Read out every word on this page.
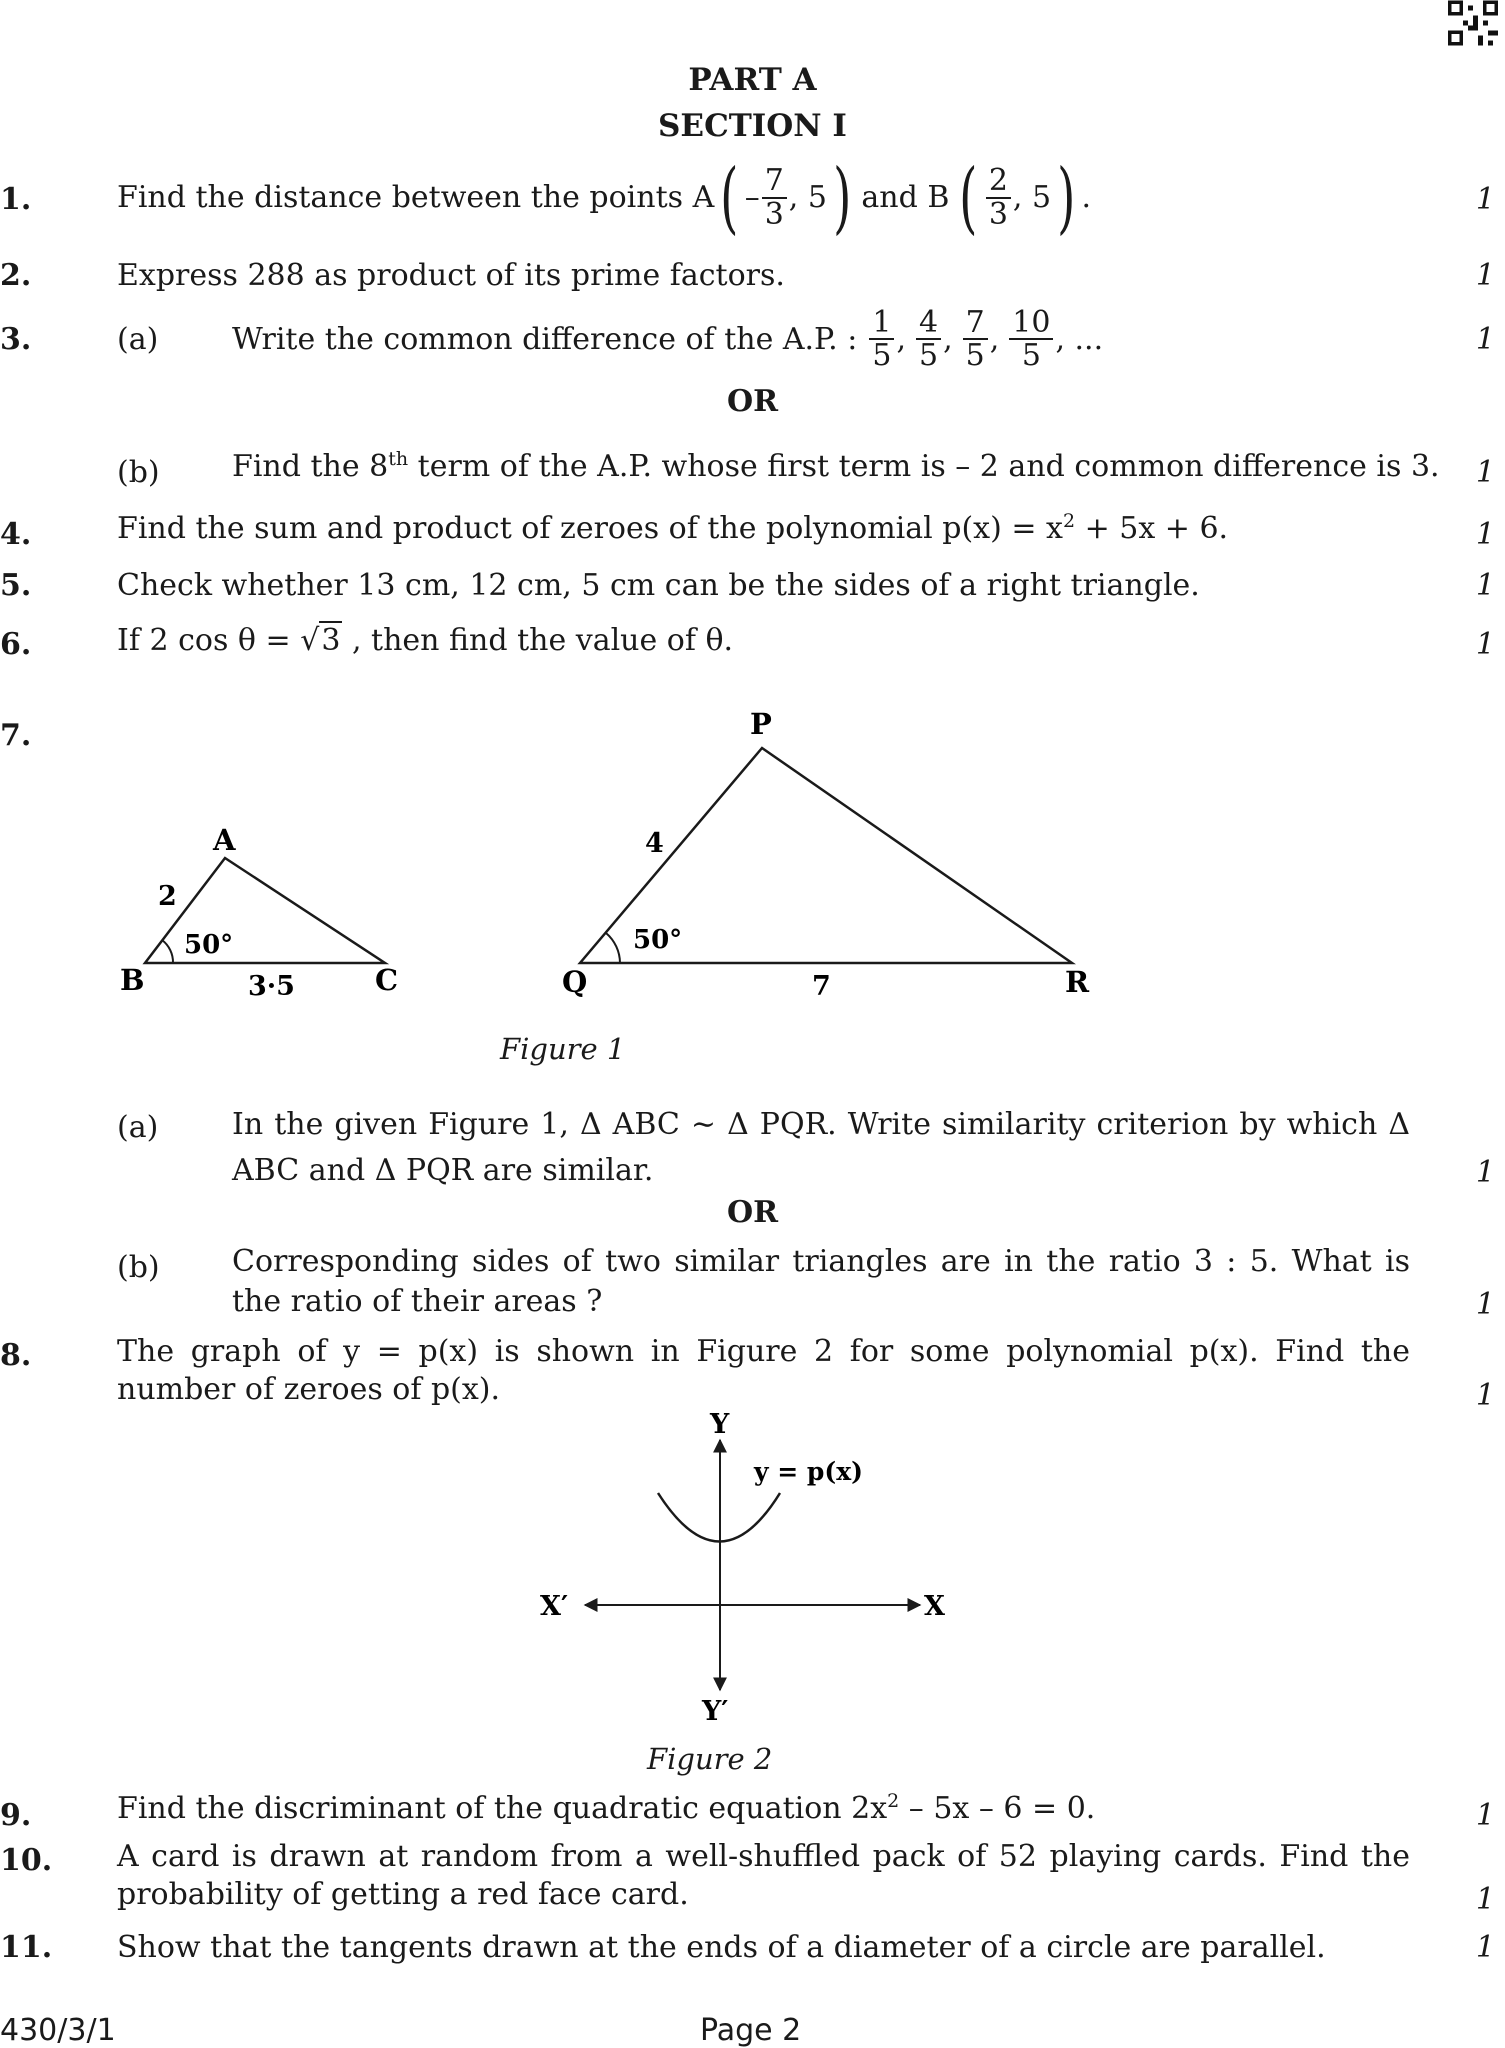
PART A
SECTION I
1.	Find the distance between the points A ( – $\frac{7}{3}$ , 5 ) and B ( $\frac{2}{3}$ , 5 ) .	1
2.	Express 288 as product of its prime factors.	1
3.	(a) Write the common difference of the A.P. : $\frac{1}{5}$ , $\frac{4}{5}$ , $\frac{7}{5}$ , $\frac{10}{5}$ , ...	1
OR
(b) Find the 8th term of the A.P. whose first term is – 2 and common difference is 3. 1
4.	Find the sum and product of zeroes of the polynomial $p(x) = x^2 + 5x + 6$.	1
5.	Check whether 13 cm, 12 cm, 5 cm can be the sides of a right triangle.	1
6.	If 2 cos θ = √3 , then find the value of θ.	1
7.
A
B	C
2
3·5
50°
P
Q	R
4
7
50°
Figure 1
(a) In the given Figure 1, Δ ABC ∼ Δ PQR. Write similarity criterion by which Δ ABC and Δ PQR are similar.	1
OR
(b) Corresponding sides of two similar triangles are in the ratio 3 : 5. What is the ratio of their areas ?	1
8.	The graph of y = p(x) is shown in Figure 2 for some polynomial p(x). Find the number of zeroes of p(x).	1
Y
Y′
X
X′
y = p(x)
Figure 2
9.	Find the discriminant of the quadratic equation $2x^2 - 5x - 6 = 0$.	1
10. A card is drawn at random from a well-shuffled pack of 52 playing cards. Find the probability of getting a red face card.	1
11. Show that the tangents drawn at the ends of a diameter of a circle are parallel.	1
430/3/1	Page 2
